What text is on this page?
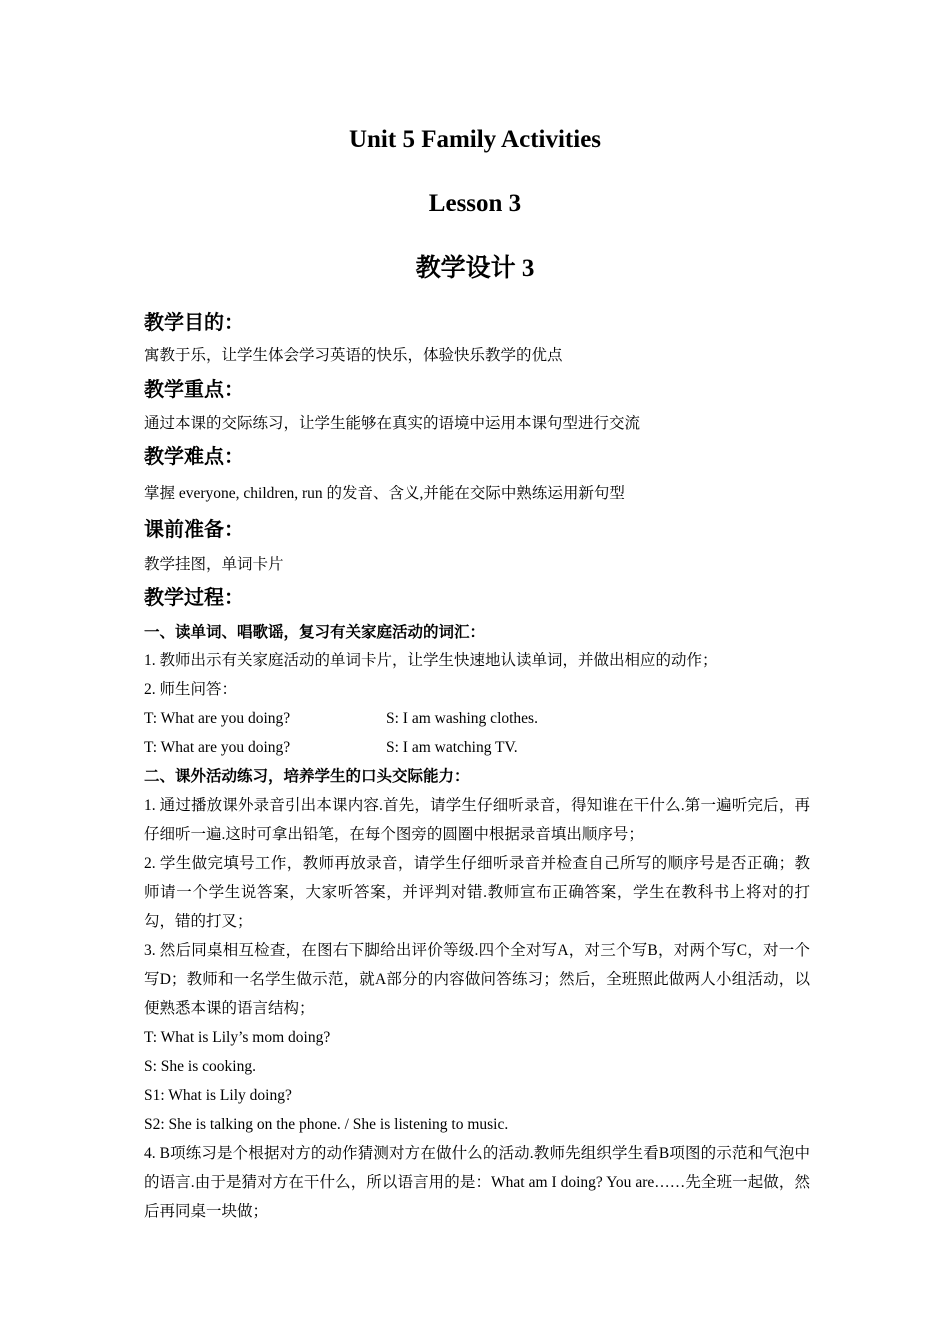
Unit 5 Family Activities
Lesson 3
教学设计 3
教学目的：

寓教于乐，让学生体会学习英语的快乐，体验快乐教学的优点

教学重点：

通过本课的交际练习，让学生能够在真实的语境中运用本课句型进行交流

教学难点：

掌握 everyone, children, run 的发音、含义,并能在交际中熟练运用新句型

课前准备：

教学挂图，单词卡片

教学过程：

一、读单词、唱歌谣，复习有关家庭活动的词汇：

1. 教师出示有关家庭活动的单词卡片，让学生快速地认读单词，并做出相应的动作；

2. 师生问答：

T: What are you doing?	S: I am washing clothes.
T: What are you doing?	S: I am watching TV.

二、课外活动练习，培养学生的口头交际能力：

1. 通过播放课外录音引出本课内容.首先，请学生仔细听录音，得知谁在干什么.第一遍听完后，再仔细听一遍.这时可拿出铅笔，在每个图旁的圆圈中根据录音填出顺序号；

2. 学生做完填号工作，教师再放录音，请学生仔细听录音并检查自己所写的顺序号是否正确；教师请一个学生说答案，大家听答案，并评判对错.教师宣布正确答案，学生在教科书上将对的打勾，错的打叉；

3. 然后同桌相互检查，在图右下脚给出评价等级.四个全对写A，对三个写B，对两个写C，对一个写D；教师和一名学生做示范，就A部分的内容做问答练习；然后，全班照此做两人小组活动，以便熟悉本课的语言结构；

T: What is Lily’s mom doing?

S: She is cooking.

S1: What is Lily doing?

S2: She is talking on the phone. / She is listening to music.

4. B项练习是个根据对方的动作猜测对方在做什么的活动.教师先组织学生看B项图的示范和气泡中的语言.由于是猜对方在干什么，所以语言用的是：What am I doing? You are……先全班一起做，然后再同桌一块做；
